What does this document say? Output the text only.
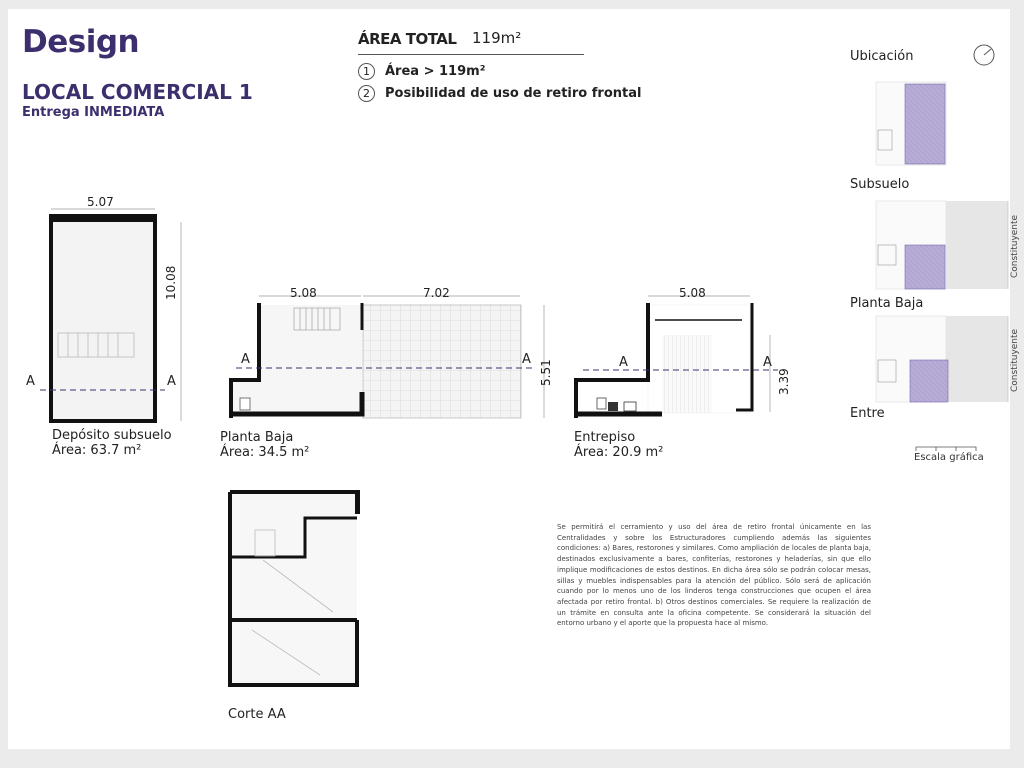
Design
LOCAL COMERCIAL 1
Entrega INMEDIATA
ÁREA TOTAL 119m²
1 Área > 119m²
2 Posibilidad de uso de retiro frontal
5.07
10.08
A	A
Depósito subsuelo
Área: 63.7 m²
5.08	7.02
5.51
A	A
Planta Baja
Área: 34.5 m²
5.08
3.39
A	A
Entrepiso
Área: 20.9 m²
Corte AA
Ubicación
Subsuelo
Planta Baja
Entre
Constituyente
Constituyente
Escala gráfica
Se permitirá el cerramiento y uso del área de retiro frontal únicamente en las Centralidades y sobre los Estructuradores cumpliendo además las siguientes condiciones: a) Bares, restorones y similares. Como ampliación de locales de planta baja, destinados exclusivamente a bares, confiterías, restorones y heladerías, sin que ello implique modificaciones de estos destinos. En dicha área sólo se podrán colocar mesas, sillas y muebles indispensables para la atención del público. Sólo será de aplicación cuando por lo menos uno de los linderos tenga construcciones que ocupen el área afectada por retiro frontal. b) Otros destinos comerciales. Se requiere la realización de un trámite en consulta ante la oficina competente. Se considerará la situación del entorno urbano y el aporte que la propuesta hace al mismo.
